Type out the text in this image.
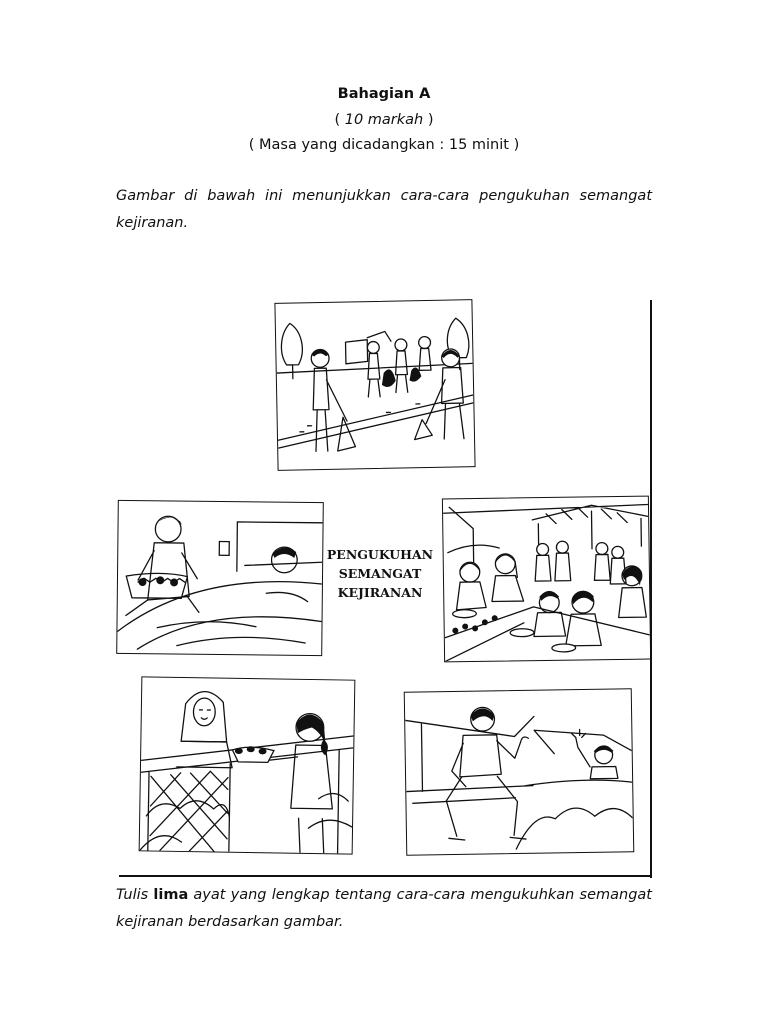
Bahagian A
( 10 markah )
( Masa yang dicadangkan : 15 minit )
Gambar di bawah ini menunjukkan cara-cara pengukuhan semangat kejiranan.
PENGUKUHAN
SEMANGAT
KEJIRANAN
Tulis lima ayat yang lengkap tentang cara-cara mengukuhkan semangat kejiranan berdasarkan gambar.
